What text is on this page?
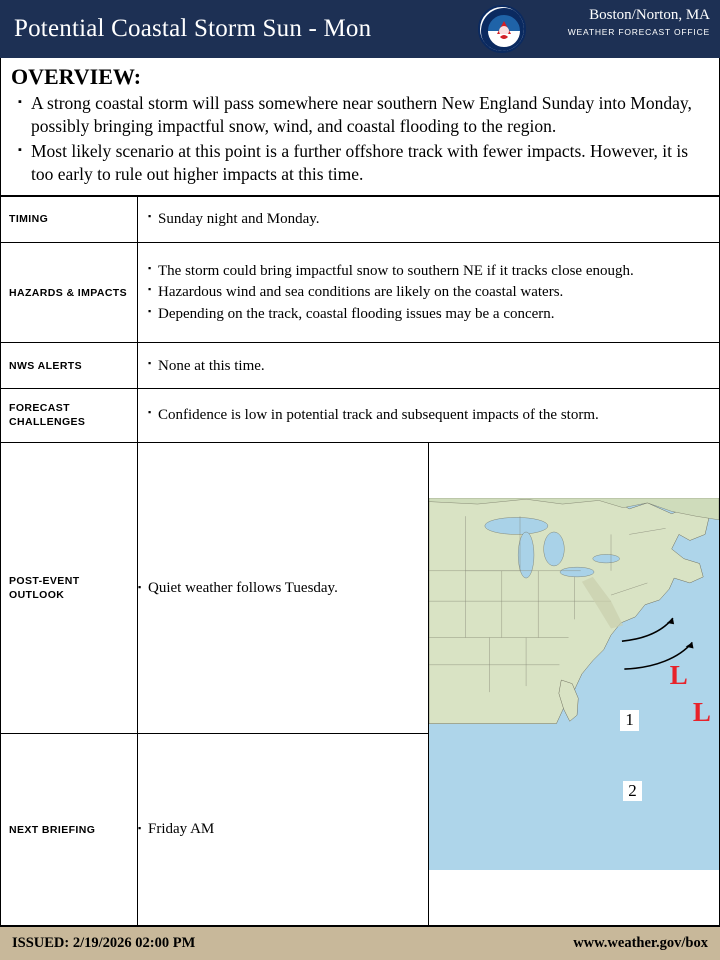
Potential Coastal Storm Sun - Mon	Boston/Norton, MA
WEATHER FORECAST OFFICE
OVERVIEW:
▪ A strong coastal storm will pass somewhere near southern New England Sunday into Monday, possibly bringing impactful snow, wind, and coastal flooding to the region.
▪ Most likely scenario at this point is a further offshore track with fewer impacts. However, it is too early to rule out higher impacts at this time.
TIMING	▪ Sunday night and Monday.	

HAZARDS & IMPACTS	
▪ The storm could bring impactful snow to southern NE if it tracks close enough.
▪ Hazardous wind and sea conditions are likely on the coastal waters.
▪ Depending on the track, coastal flooding issues may be a concern.

NWS ALERTS	▪ None at this time.	

FORECAST CHALLENGES	▪ Confidence is low in potential track and subsequent impacts of the storm.	

POST-EVENT OUTLOOK	
▪ Quiet weather follows Tuesday.

1
2
L
L

NEXT BRIEFING	▪ Friday AM	
ISSUED: 2/19/2026 02:00 PM	www.weather.gov/box
